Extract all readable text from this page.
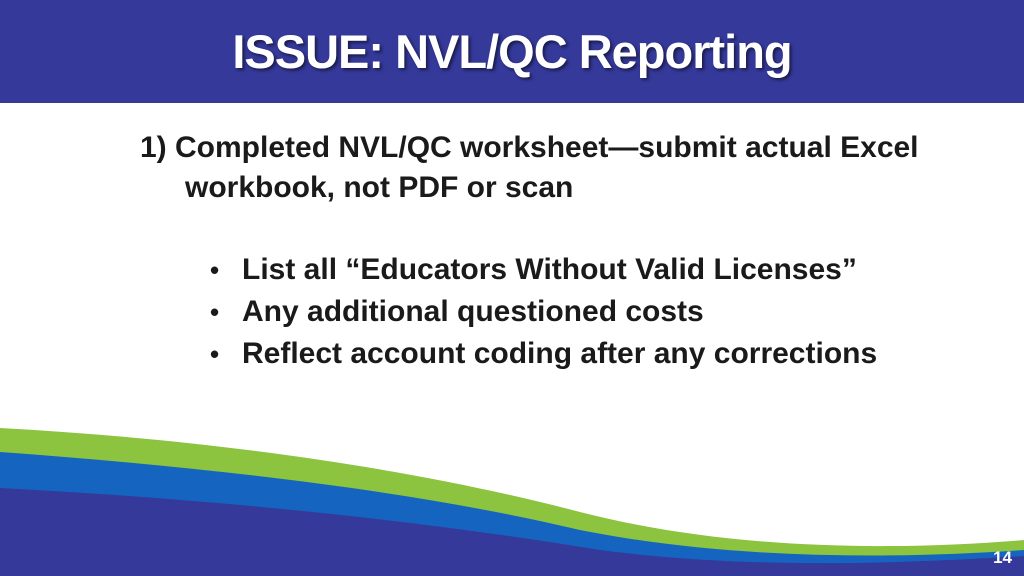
ISSUE: NVL/QC Reporting

1) Completed NVL/QC worksheet—submit actual Excel workbook, not PDF or scan

• List all “Educators Without Valid Licenses”
• Any additional questioned costs
• Reflect account coding after any corrections
14
